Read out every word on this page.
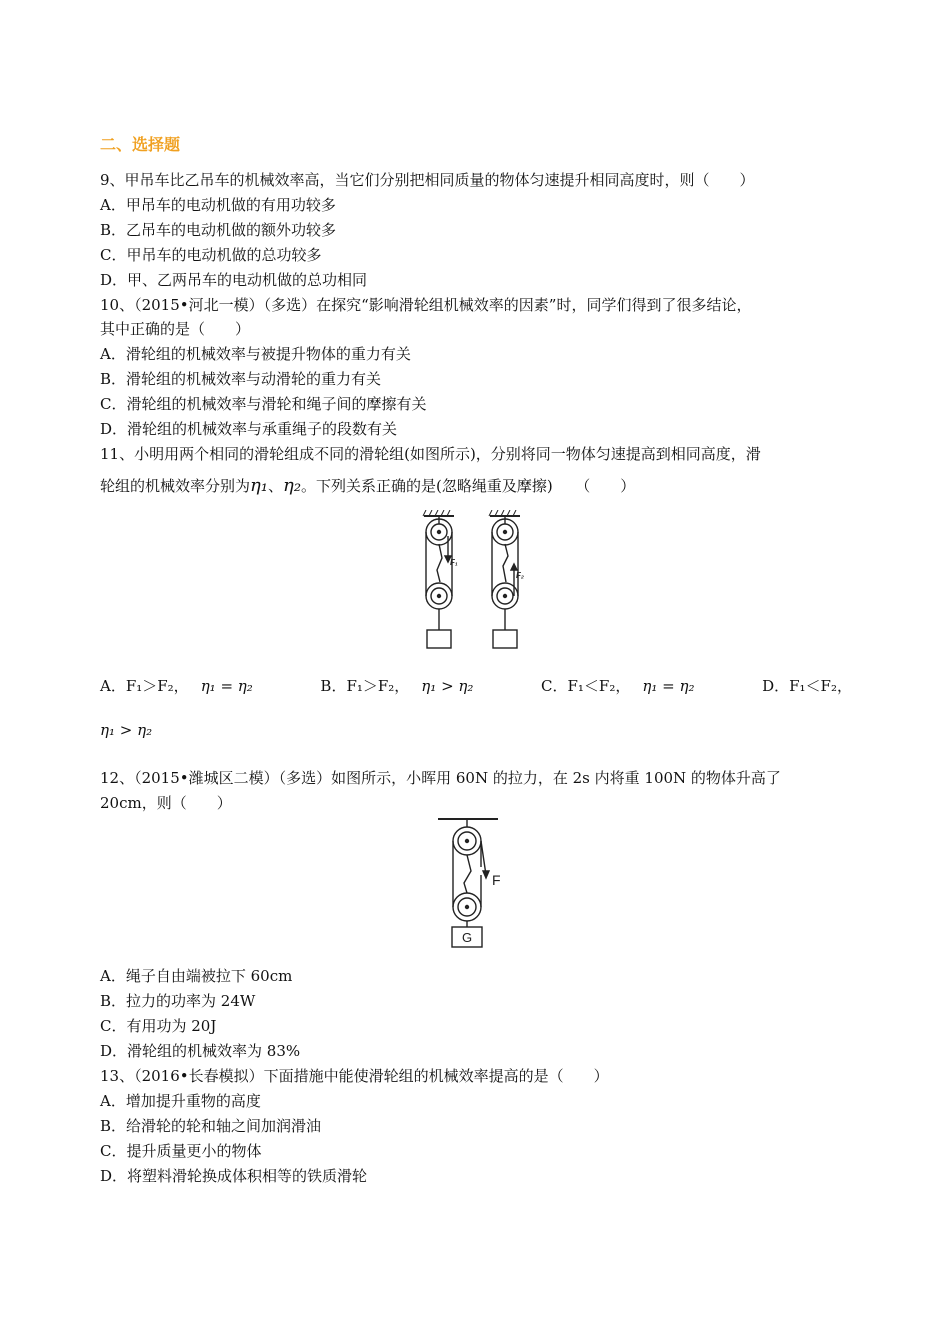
二、选择题
9、甲吊车比乙吊车的机械效率高，当它们分别把相同质量的物体匀速提升相同高度时，则（　　）
A．甲吊车的电动机做的有用功较多
B．乙吊车的电动机做的额外功较多
C．甲吊车的电动机做的总功较多
D．甲、乙两吊车的电动机做的总功相同
10、（2015•河北一模）（多选）在探究“影响滑轮组机械效率的因素”时，同学们得到了很多结论，
其中正确的是（　　）
A．滑轮组的机械效率与被提升物体的重力有关
B．滑轮组的机械效率与动滑轮的重力有关
C．滑轮组的机械效率与滑轮和绳子间的摩擦有关
D．滑轮组的机械效率与承重绳子的段数有关
11、小明用两个相同的滑轮组成不同的滑轮组(如图所示)，分别将同一物体匀速提高到相同高度，滑
轮组的机械效率分别为η₁、η₂。下列关系正确的是(忽略绳重及摩擦)　　（　　）
F₁
F₂
A．F₁＞F₂， η₁ = η₂	B．F₁＞F₂， η₁ > η₂	C．F₁＜F₂， η₁ = η₂	D．F₁＜F₂，
η₁ > η₂
12、（2015•潍城区二模）（多选）如图所示，小晖用 60N 的拉力，在 2s 内将重 100N 的物体升高了
20cm，则（　　）
F
G
A．绳子自由端被拉下 60cm
B．拉力的功率为 24W
C．有用功为 20J
D．滑轮组的机械效率为 83%
13、（2016•长春模拟）下面措施中能使滑轮组的机械效率提高的是（　　）
A．增加提升重物的高度
B．给滑轮的轮和轴之间加润滑油
C．提升质量更小的物体
D．将塑料滑轮换成体积相等的铁质滑轮
